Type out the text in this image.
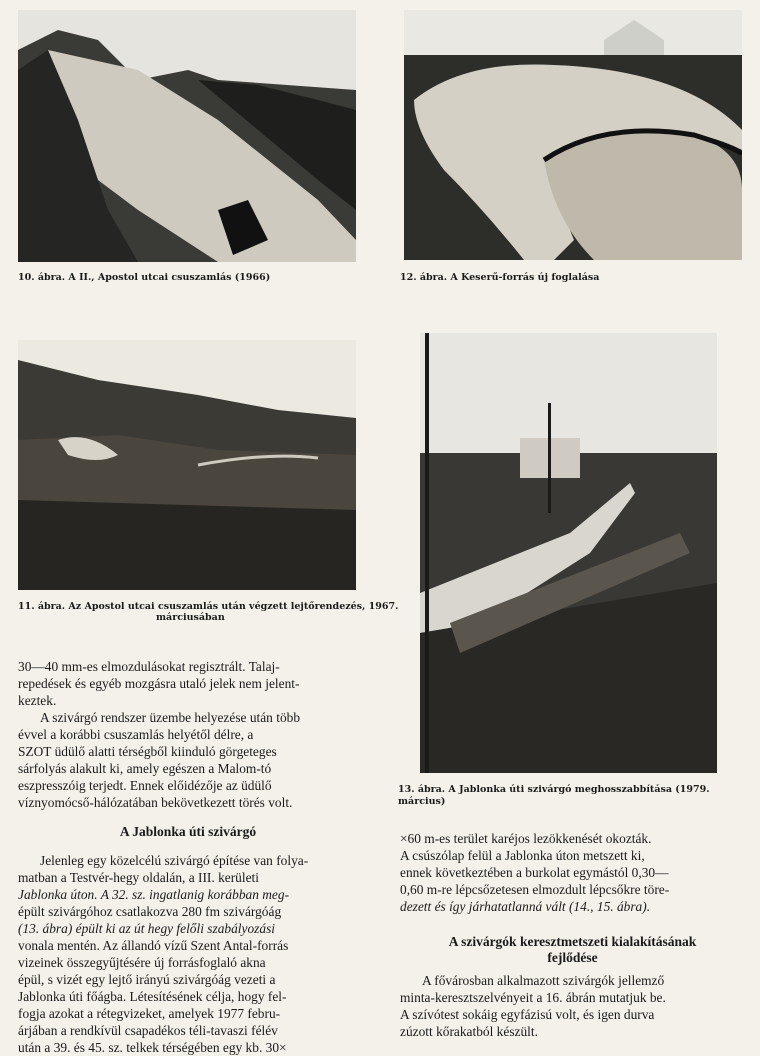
10. ábra. A II., Apostol utcai csuszamlás (1966)	12. ábra. A Keserű-forrás új foglalása
11. ábra. Az Apostol utcai csuszamlás után végzett lejtőrendezés, 1967.
márciusában
13. ábra. A Jablonka úti szivárgó meghosszabbítása (1979. március)

30—40 mm-es elmozdulásokat regisztrált. Talaj-
repedések és egyéb mozgásra utaló jelek nem jelent-
keztek.

A szivárgó rendszer üzembe helyezése után több
évvel a korábbi csuszamlás helyétől délre, a
SZOT üdülő alatti térségből kiinduló görgeteges
sárfolyás alakult ki, amely egészen a Malom-tó
eszpresszóig terjedt. Ennek előidézője az üdülő
víznyomócső-hálózatában bekövetkezett törés volt.

A Jablonka úti szivárgó

Jelenleg egy közelcélú szivárgó építése van folya-
matban a Testvér-hegy oldalán, a III. kerületi
Jablonka úton. A 32. sz. ingatlanig korábban meg-
épült szivárgóhoz csatlakozva 280 fm szivárgóág
(13. ábra) épült ki az út hegy felőli szabályozási
vonala mentén. Az állandó vízű Szent Antal-forrás
vizeinek összegyűjtésére új forrásfoglaló akna
épül, s vizét egy lejtő irányú szivárgóág vezeti a
Jablonka úti főágba. Létesítésének célja, hogy fel-
fogja azokat a rétegvizeket, amelyek 1977 febru-
árjában a rendkívül csapadékos téli-tavaszi félév
után a 39. és 45. sz. telkek térségében egy kb. 30×

×60 m-es terület karéjos lezökkenését okozták.
A csúszólap felül a Jablonka úton metszett ki,
ennek következtében a burkolat egymástól 0,30—
0,60 m-re lépcsőzetesen elmozdult lépcsőkre töre-
dezett és így járhatatlanná vált (14., 15. ábra).

A szivárgók keresztmetszeti kialakításának
fejlődése

A fővárosban alkalmazott szivárgók jellemző
minta-keresztszelvényeit a 16. ábrán mutatjuk be.
A szívótest sokáig egyfázisú volt, és igen durva
zúzott kőrakatból készült.
